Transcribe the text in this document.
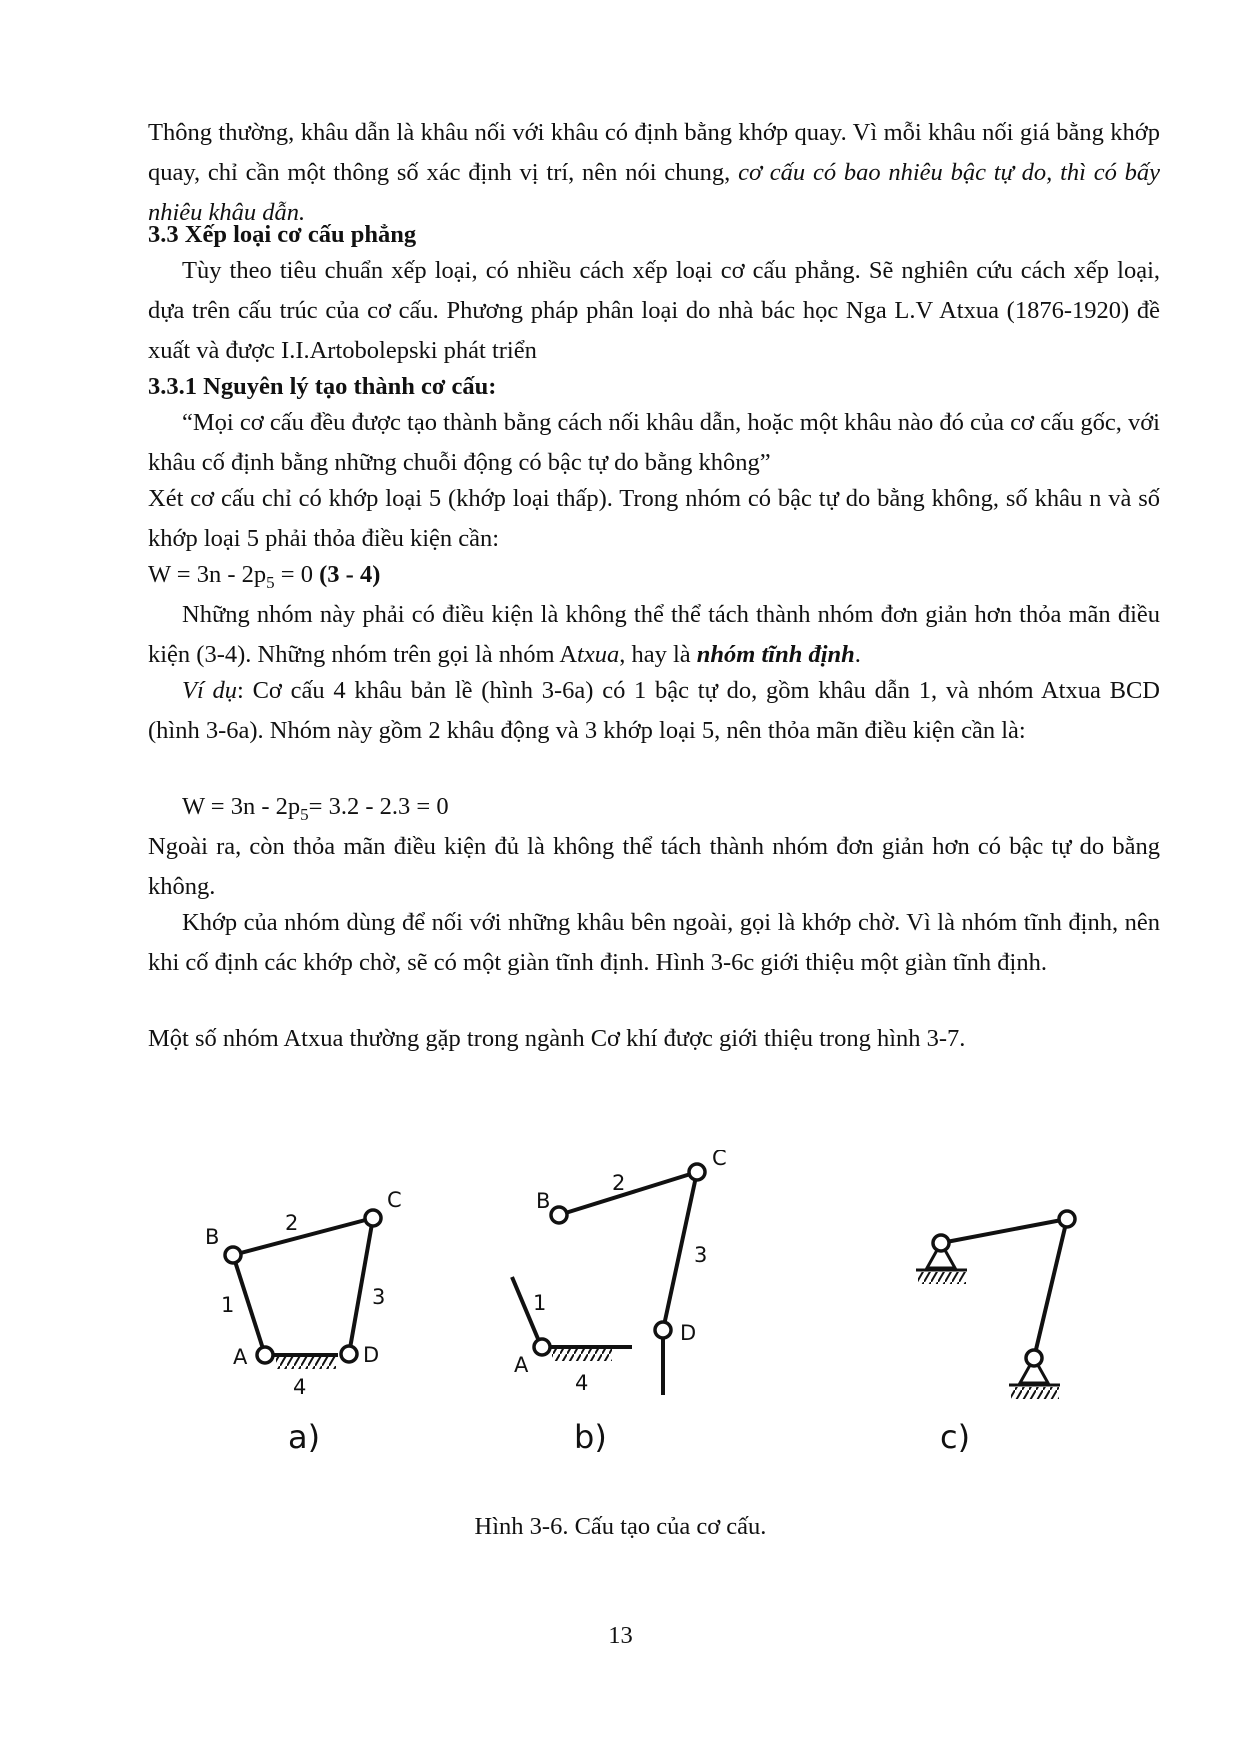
Thông thường, khâu dẫn là khâu nối với khâu có định bằng khớp quay. Vì mỗi khâu nối giá bằng khớp quay, chỉ cần một thông số xác định vị trí, nên nói chung, cơ cấu có bao nhiêu bậc tự do, thì có bấy nhiêu khâu dẫn.

3.3 Xếp loại cơ cấu phẳng

Tùy theo tiêu chuẩn xếp loại, có nhiều cách xếp loại cơ cấu phẳng. Sẽ nghiên cứu cách xếp loại, dựa trên cấu trúc của cơ cấu. Phương pháp phân loại do nhà bác học Nga L.V Atxua (1876-1920) đề xuất và được I.I.Artobolepski phát triển

3.3.1 Nguyên lý tạo thành cơ cấu:

“Mọi cơ cấu đều được tạo thành bằng cách nối khâu dẫn, hoặc một khâu nào đó của cơ cấu gốc, với khâu cố định bằng những chuỗi động có bậc tự do bằng không”

Xét cơ cấu chỉ có khớp loại 5 (khớp loại thấp). Trong nhóm có bậc tự do bằng không, số khâu n và số khớp loại 5 phải thỏa điều kiện cần:

$W = 3n - 2p_5 = 0$ (3 - 4)

Những nhóm này phải có điều kiện là không thể thể tách thành nhóm đơn giản hơn thỏa mãn điều kiện (3-4). Những nhóm trên gọi là nhóm Atxua, hay là nhóm tĩnh định.

Ví dụ: Cơ cấu 4 khâu bản lề (hình 3-6a) có 1 bậc tự do, gồm khâu dẫn 1, và nhóm Atxua BCD (hình 3-6a). Nhóm này gồm 2 khâu động và 3 khớp loại 5, nên thỏa mãn điều kiện cần là:

$W = 3n - 2p_5= 3.2 - 2.3 = 0$

Ngoài ra, còn thỏa mãn điều kiện đủ là không thể tách thành nhóm đơn giản hơn có bậc tự do bằng không.

Khớp của nhóm dùng để nối với những khâu bên ngoài, gọi là khớp chờ. Vì là nhóm tĩnh định, nên khi cố định các khớp chờ, sẽ có một giàn tĩnh định. Hình 3-6c giới thiệu một giàn tĩnh định.

Một số nhóm Atxua thường gặp trong ngành Cơ khí được giới thiệu trong hình 3-7.

B
C
A	D
2
1	3
4
a)
B
C
A
D
2
1
3
4
b)	c)
Hình 3-6. Cấu tạo của cơ cấu.
13
